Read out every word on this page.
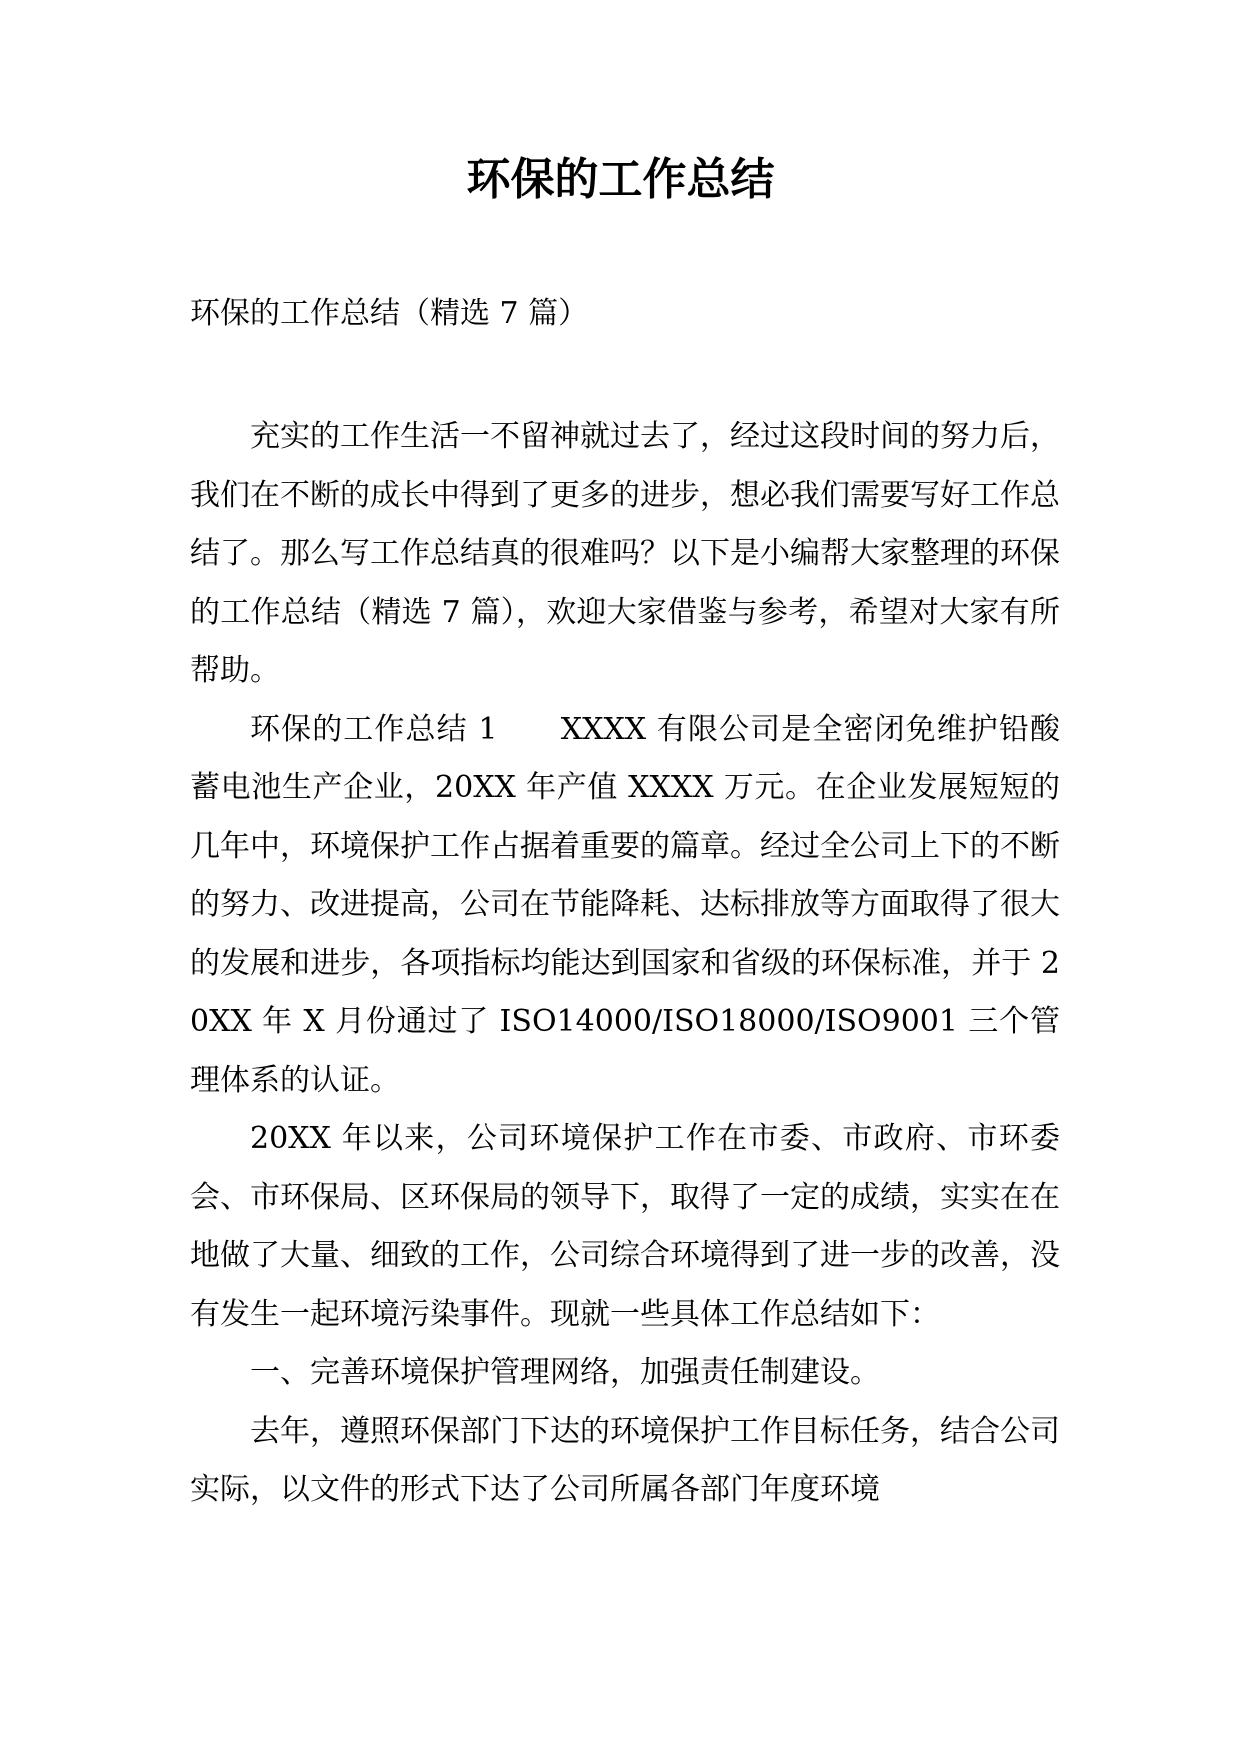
环保的工作总结
环保的工作总结（精选 7 篇）

充实的工作生活一不留神就过去了，经过这段时间的努力后，我们在不断的成长中得到了更多的进步，想必我们需要写好工作总结了。那么写工作总结真的很难吗？以下是小编帮大家整理的环保的工作总结（精选 7 篇），欢迎大家借鉴与参考，希望对大家有所帮助。

环保的工作总结 1　　XXXX 有限公司是全密闭免维护铅酸蓄电池生产企业，20XX 年产值 XXXX 万元。在企业发展短短的几年中，环境保护工作占据着重要的篇章。经过全公司上下的不断的努力、改进提高，公司在节能降耗、达标排放等方面取得了很大的发展和进步，各项指标均能达到国家和省级的环保标准，并于 20XX 年 X 月份通过了 ISO14000/ISO18000/ISO9001 三个管理体系的认证。

20XX 年以来，公司环境保护工作在市委、市政府、市环委会、市环保局、区环保局的领导下，取得了一定的成绩，实实在在地做了大量、细致的工作，公司综合环境得到了进一步的改善，没有发生一起环境污染事件。现就一些具体工作总结如下：

一、完善环境保护管理网络，加强责任制建设。

去年，遵照环保部门下达的环境保护工作目标任务，结合公司实际，以文件的形式下达了公司所属各部门年度环境
